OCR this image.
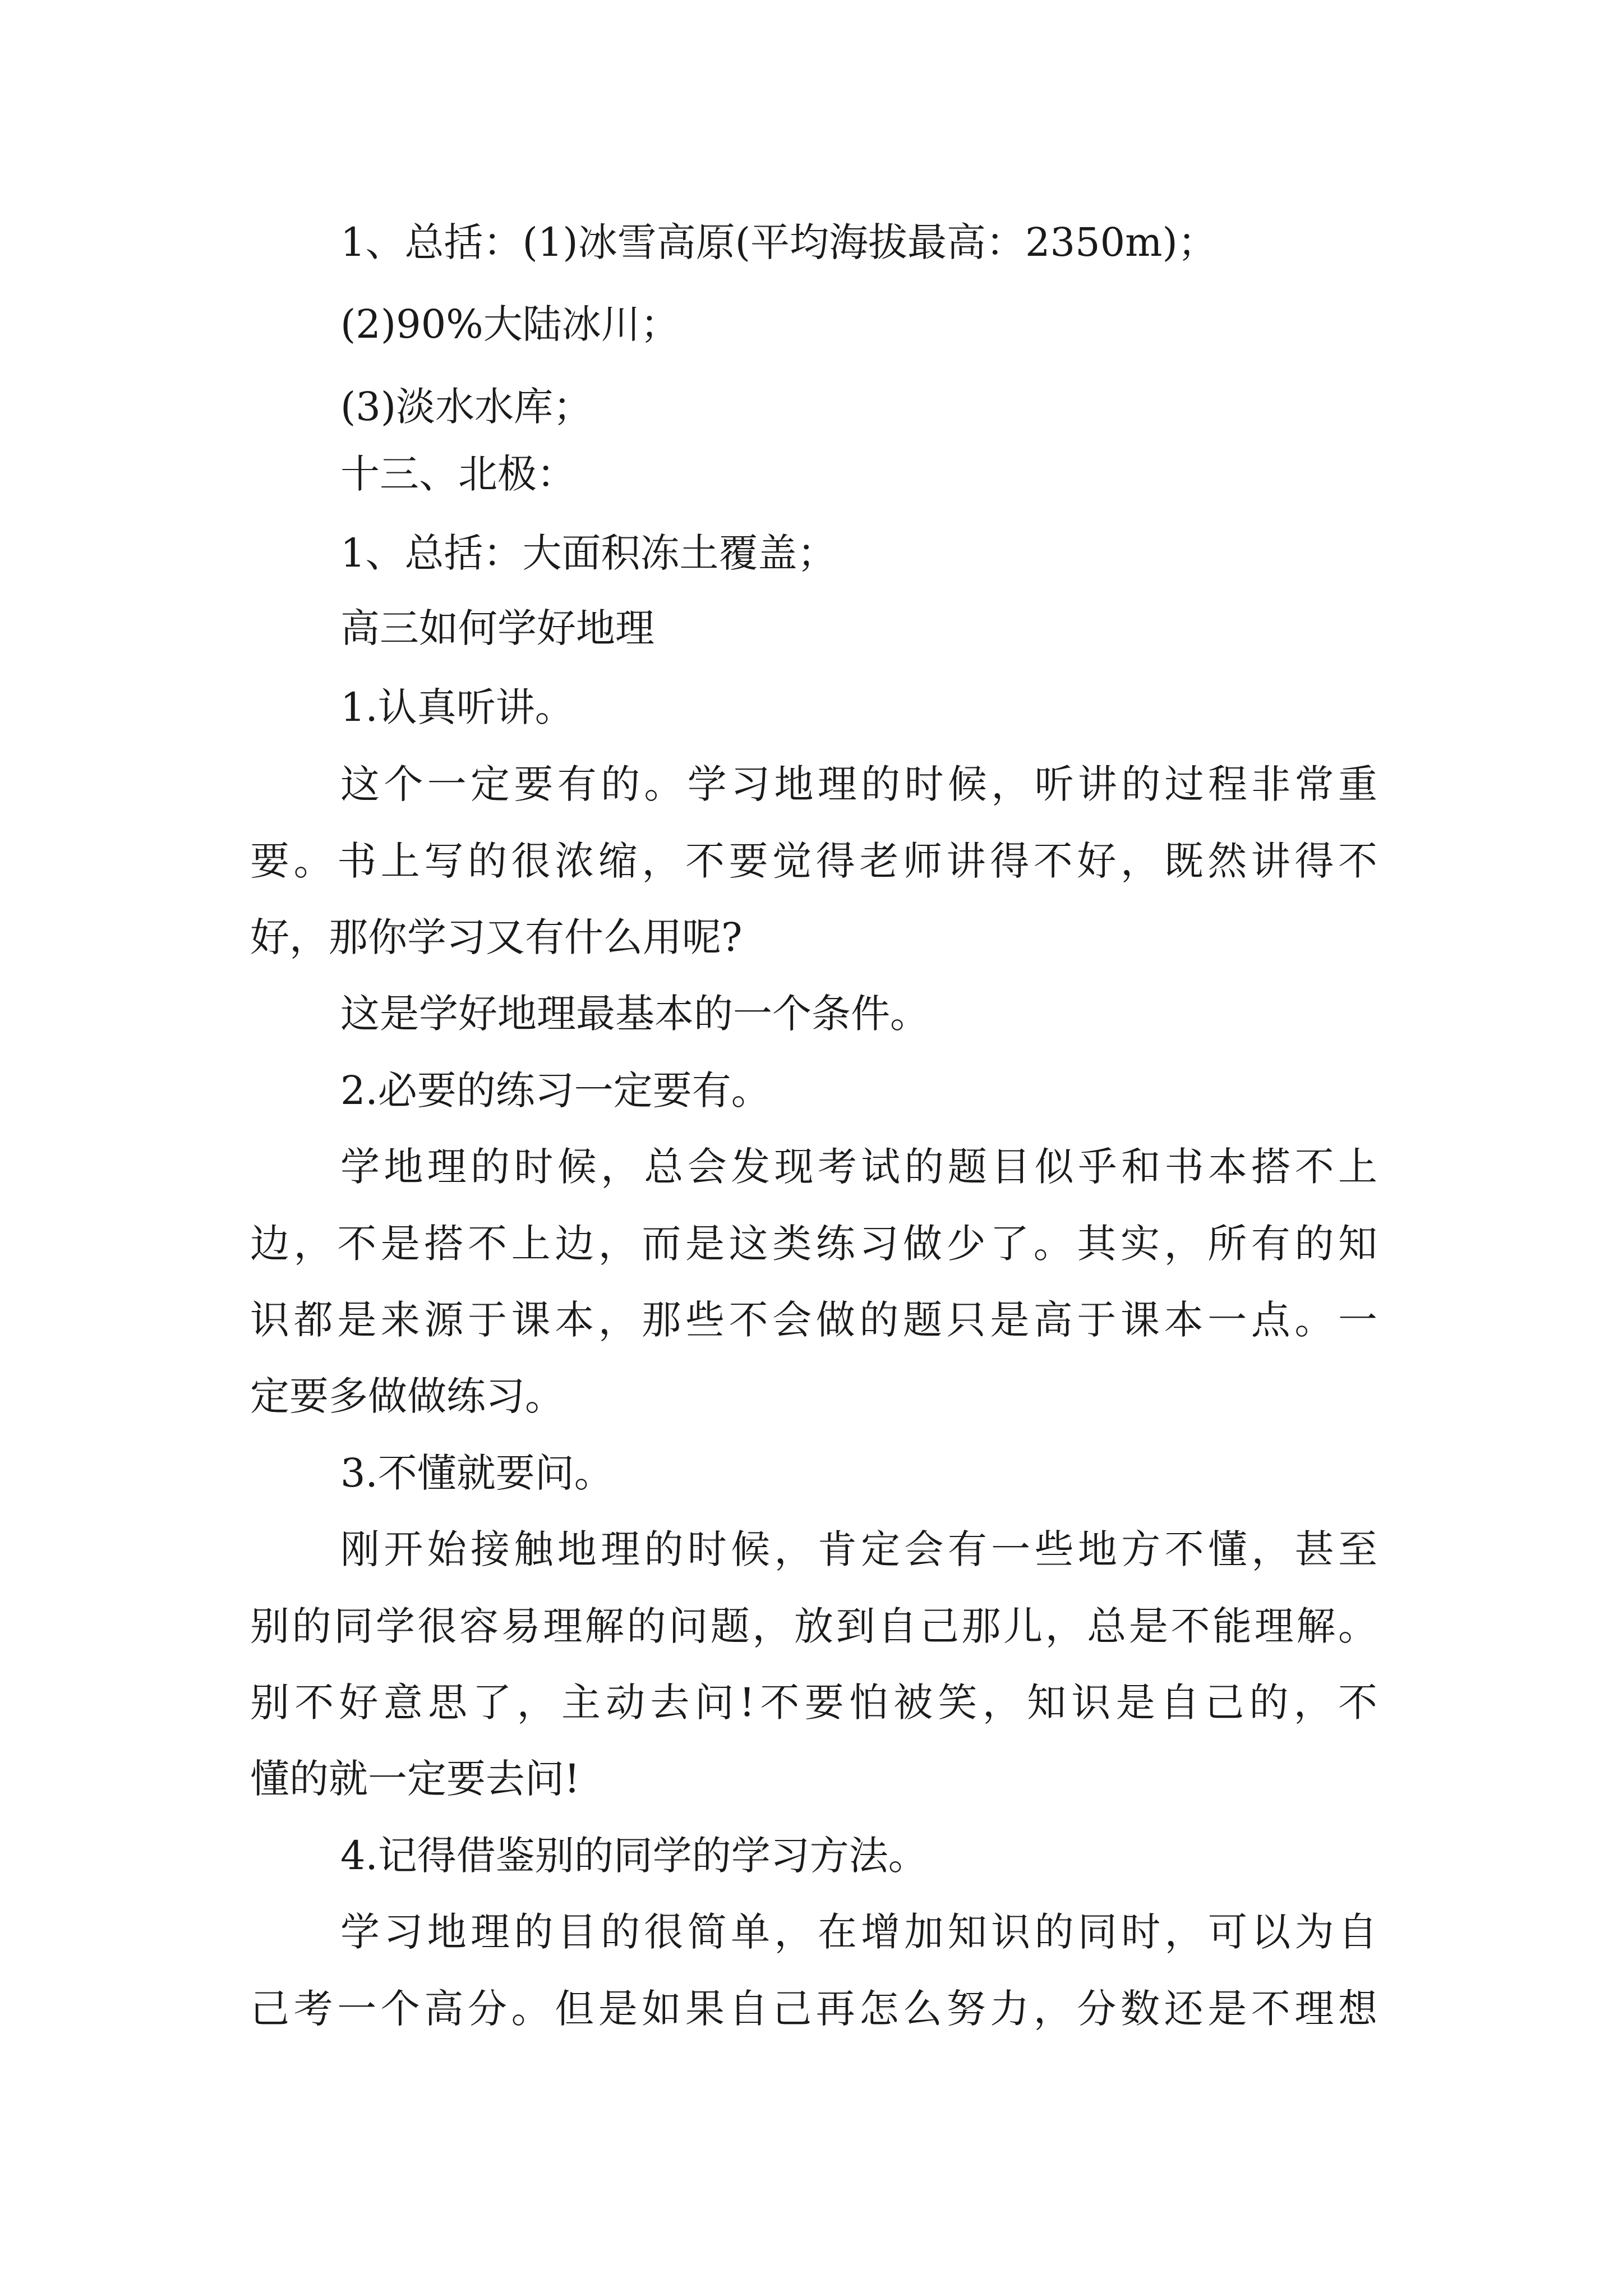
1、总括：(1)冰雪高原(平均海拔最高：2350m)；
(2)90%大陆冰川；
(3)淡水水库；
十三、北极：
1、总括：大面积冻土覆盖；
高三如何学好地理
1.认真听讲。
这个一定要有的。学习地理的时候，听讲的过程非常重
要。书上写的很浓缩，不要觉得老师讲得不好，既然讲得不
好，那你学习又有什么用呢?
这是学好地理最基本的一个条件。
2.必要的练习一定要有。
学地理的时候，总会发现考试的题目似乎和书本搭不上
边，不是搭不上边，而是这类练习做少了。其实，所有的知
识都是来源于课本，那些不会做的题只是高于课本一点。一
定要多做做练习。
3.不懂就要问。
刚开始接触地理的时候，肯定会有一些地方不懂，甚至
别的同学很容易理解的问题，放到自己那儿，总是不能理解。
别不好意思了，主动去问!不要怕被笑，知识是自己的，不
懂的就一定要去问!
4.记得借鉴别的同学的学习方法。
学习地理的目的很简单，在增加知识的同时，可以为自
己考一个高分。但是如果自己再怎么努力，分数还是不理想
